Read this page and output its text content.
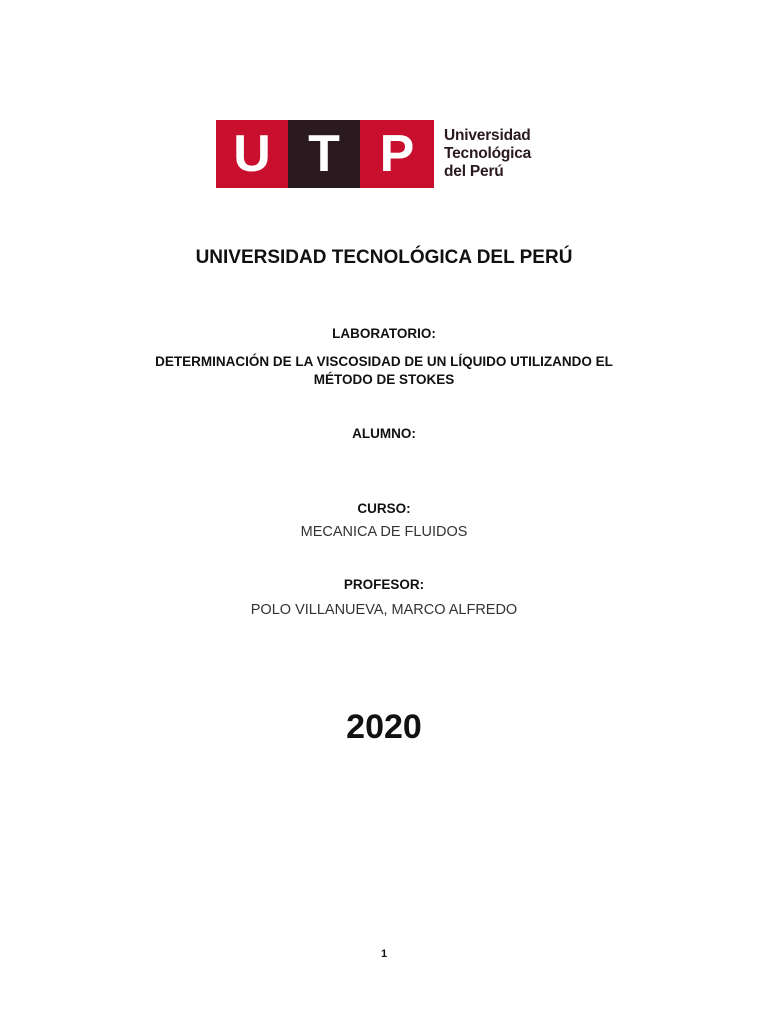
U T P	Universidad
Tecnológica
del Perú
UNIVERSIDAD TECNOLÓGICA DEL PERÚ
LABORATORIO:
DETERMINACIÓN DE LA VISCOSIDAD DE UN LÍQUIDO UTILIZANDO EL
MÉTODO DE STOKES
ALUMNO:
CURSO:
MECANICA DE FLUIDOS
PROFESOR:
POLO VILLANUEVA, MARCO ALFREDO
2020
1
